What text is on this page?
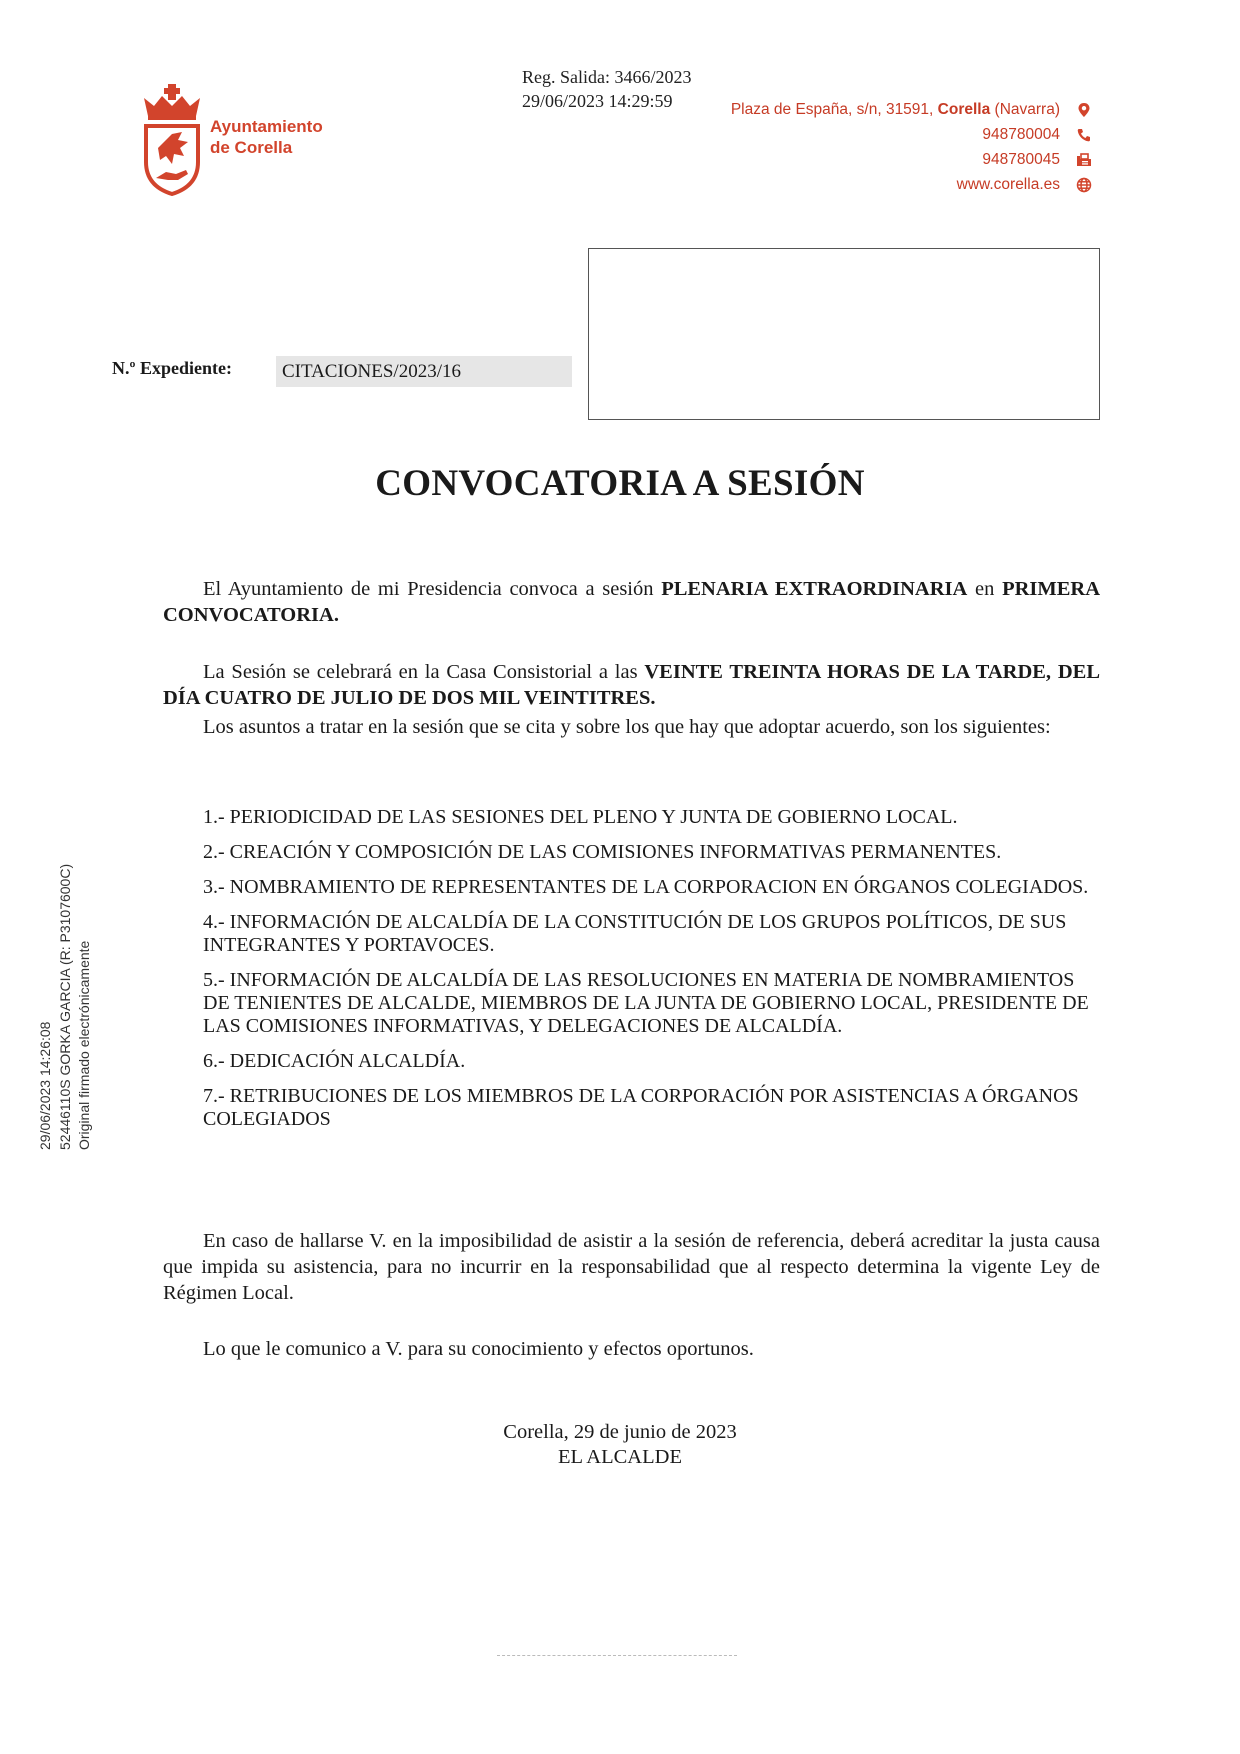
Ayuntamiento
de Corella
Reg. Salida: 3466/2023
29/06/2023 14:29:59	Plaza de España, s/n, 31591, Corella (Navarra)
948780004
948780045
www.corella.es
N.º Expediente:	CITACIONES/2023/16
CONVOCATORIA A SESIÓN
El Ayuntamiento de mi Presidencia convoca a sesión PLENARIA EXTRAORDINARIA en PRIMERA CONVOCATORIA.
La Sesión se celebrará en la Casa Consistorial a las VEINTE TREINTA HORAS DE LA TARDE, DEL DÍA CUATRO DE JULIO DE DOS MIL VEINTITRES.
Los asuntos a tratar en la sesión que se cita y sobre los que hay que adoptar acuerdo, son los siguientes:
1.- PERIODICIDAD DE LAS SESIONES DEL PLENO Y JUNTA DE GOBIERNO LOCAL.
2.- CREACIÓN Y COMPOSICIÓN DE LAS COMISIONES INFORMATIVAS PERMANENTES.
3.- NOMBRAMIENTO DE REPRESENTANTES DE LA CORPORACION EN ÓRGANOS COLEGIADOS.
4.- INFORMACIÓN DE ALCALDÍA DE LA CONSTITUCIÓN DE LOS GRUPOS POLÍTICOS, DE SUS INTEGRANTES Y PORTAVOCES.
5.- INFORMACIÓN DE ALCALDÍA DE LAS RESOLUCIONES EN MATERIA DE NOMBRAMIENTOS DE TENIENTES DE ALCALDE, MIEMBROS DE LA JUNTA DE GOBIERNO LOCAL, PRESIDENTE DE LAS COMISIONES INFORMATIVAS, Y DELEGACIONES DE ALCALDÍA.
6.- DEDICACIÓN ALCALDÍA.
7.- RETRIBUCIONES DE LOS MIEMBROS DE LA CORPORACIÓN POR ASISTENCIAS A ÓRGANOS COLEGIADOS
En caso de hallarse V. en la imposibilidad de asistir a la sesión de referencia, deberá acreditar la justa causa que impida su asistencia, para no incurrir en la responsabilidad que al respecto determina la vigente Ley de Régimen Local.
Lo que le comunico a V. para su conocimiento y efectos oportunos.
Corella, 29 de junio de 2023
EL ALCALDE
29/06/2023 14:26:08 52446110S GORKA GARCIA (R: P3107600C) Original firmado electrónicamente
